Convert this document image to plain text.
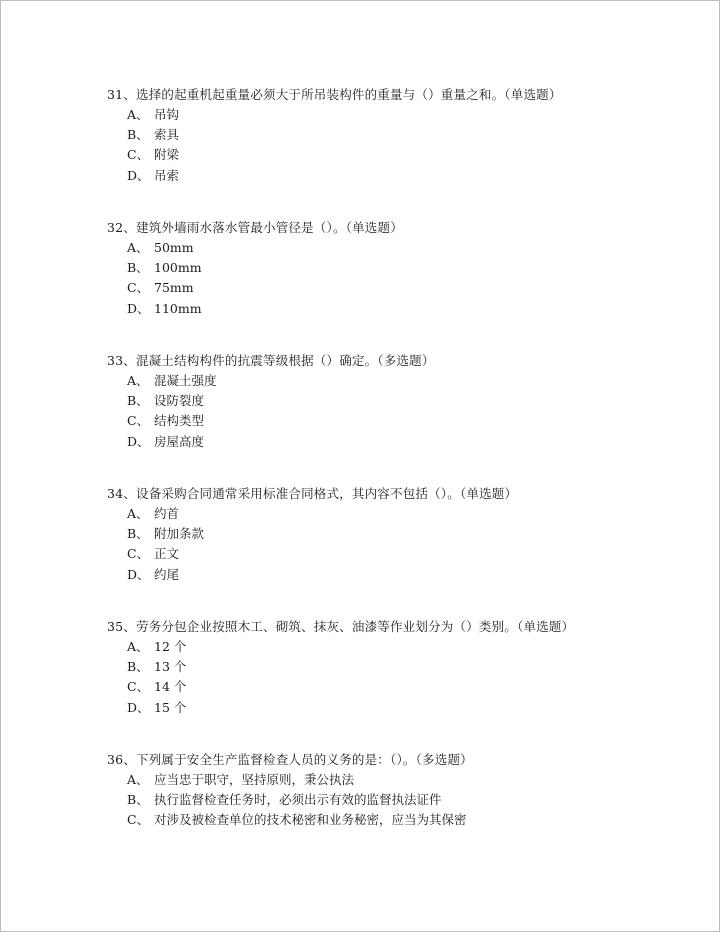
31、选择的起重机起重量必须大于所吊装构件的重量与（）重量之和。（单选题）
A、 吊钩
B、 索具
C、 附梁
D、 吊索
32、建筑外墙雨水落水管最小管径是（）。（单选题）
A、 50mm
B、 100mm
C、 75mm
D、 110mm
33、混凝土结构构件的抗震等级根据（）确定。（多选题）
A、 混凝土强度
B、 设防裂度
C、 结构类型
D、 房屋高度
34、设备采购合同通常采用标准合同格式，其内容不包括（）。（单选题）
A、 约首
B、 附加条款
C、 正文
D、 约尾
35、劳务分包企业按照木工、砌筑、抹灰、油漆等作业划分为（）类别。（单选题）
A、 12 个
B、 13 个
C、 14 个
D、 15 个
36、下列属于安全生产监督检查人员的义务的是：（）。（多选题）
A、 应当忠于职守，坚持原则，秉公执法
B、 执行监督检查任务时，必须出示有效的监督执法证件
C、 对涉及被检查单位的技术秘密和业务秘密，应当为其保密
